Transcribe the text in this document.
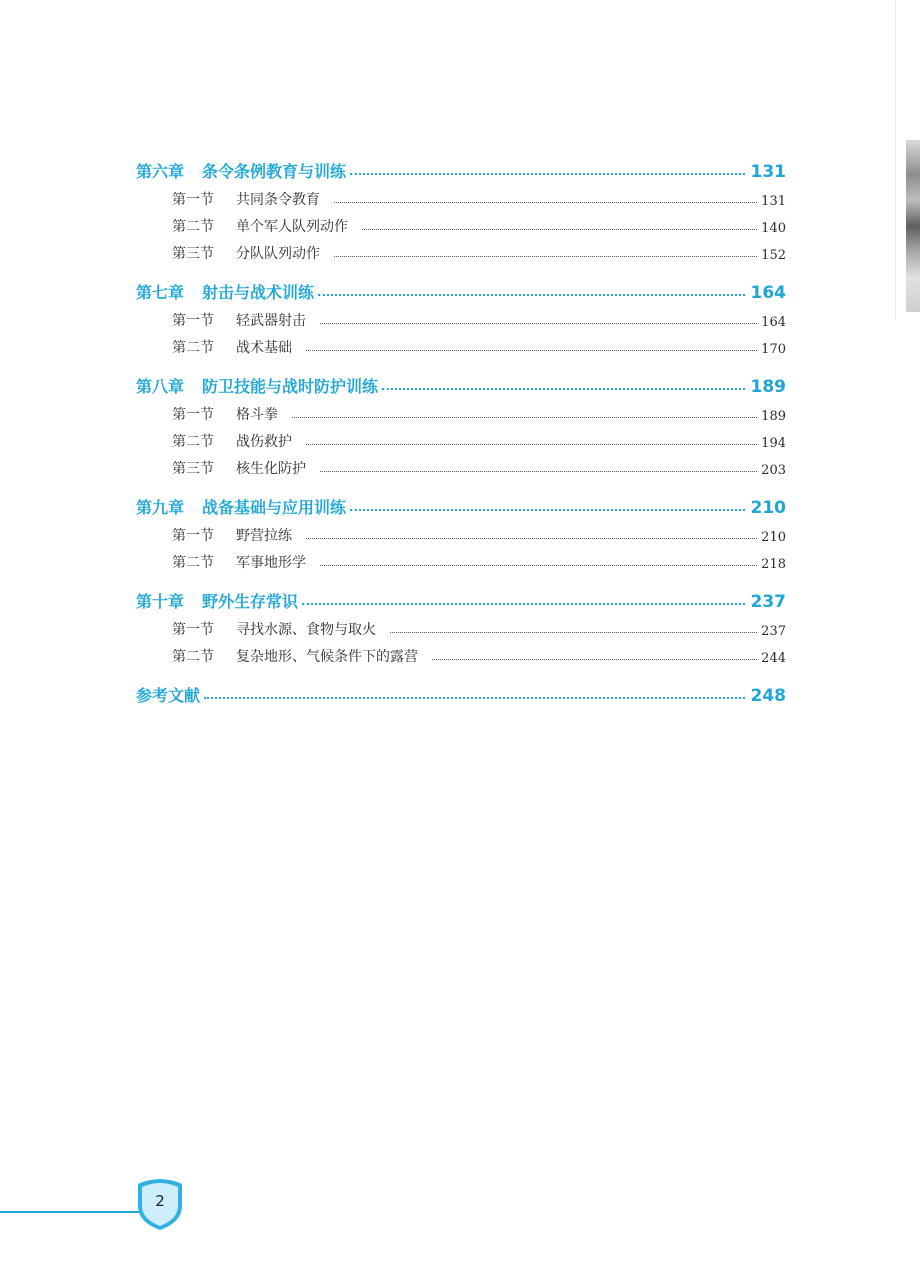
第六章	条令条例教育与训练	131
第一节	共同条令教育	131
第二节	单个军人队列动作	140
第三节	分队队列动作	152
第七章	射击与战术训练	164
第一节	轻武器射击	164
第二节	战术基础	170
第八章	防卫技能与战时防护训练	189
第一节	格斗拳	189
第二节	战伤救护	194
第三节	核生化防护	203
第九章	战备基础与应用训练	210
第一节	野营拉练	210
第二节	军事地形学	218
第十章	野外生存常识	237
第一节	寻找水源、食物与取火	237
第二节	复杂地形、气候条件下的露营	244
参考文献	248
2
